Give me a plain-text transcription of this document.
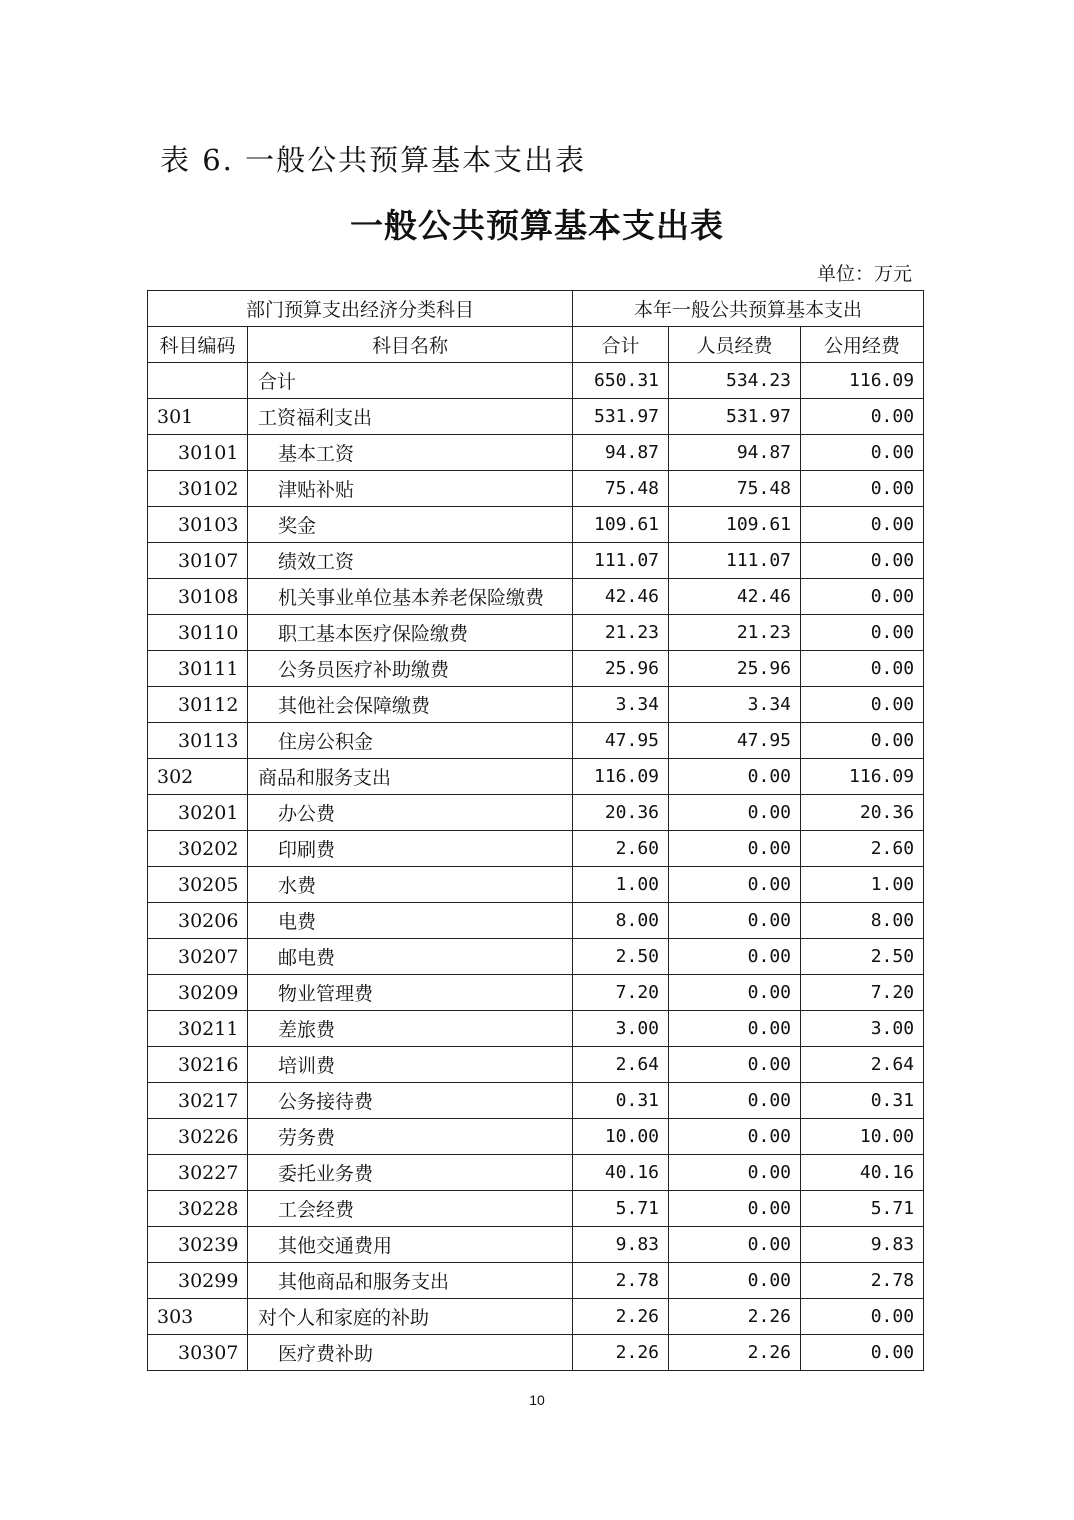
表 6. 一般公共预算基本支出表
一般公共预算基本支出表
单位：万元
部门预算支出经济分类科目		本年一般公共预算基本支出		
科目编码	科目名称	合计	人员经费	公用经费
	合计	650.31	534.23	116.09
301	工资福利支出	531.97	531.97	0.00
30101	基本工资	94.87	94.87	0.00
30102	津贴补贴	75.48	75.48	0.00
30103	奖金	109.61	109.61	0.00
30107	绩效工资	111.07	111.07	0.00
30108	机关事业单位基本养老保险缴费	42.46	42.46	0.00
30110	职工基本医疗保险缴费	21.23	21.23	0.00
30111	公务员医疗补助缴费	25.96	25.96	0.00
30112	其他社会保障缴费	3.34	3.34	0.00
30113	住房公积金	47.95	47.95	0.00
302	商品和服务支出	116.09	0.00	116.09
30201	办公费	20.36	0.00	20.36
30202	印刷费	2.60	0.00	2.60
30205	水费	1.00	0.00	1.00
30206	电费	8.00	0.00	8.00
30207	邮电费	2.50	0.00	2.50
30209	物业管理费	7.20	0.00	7.20
30211	差旅费	3.00	0.00	3.00
30216	培训费	2.64	0.00	2.64
30217	公务接待费	0.31	0.00	0.31
30226	劳务费	10.00	0.00	10.00
30227	委托业务费	40.16	0.00	40.16
30228	工会经费	5.71	0.00	5.71
30239	其他交通费用	9.83	0.00	9.83
30299	其他商品和服务支出	2.78	0.00	2.78
303	对个人和家庭的补助	2.26	2.26	0.00
30307	医疗费补助	2.26	2.26	0.00
10
